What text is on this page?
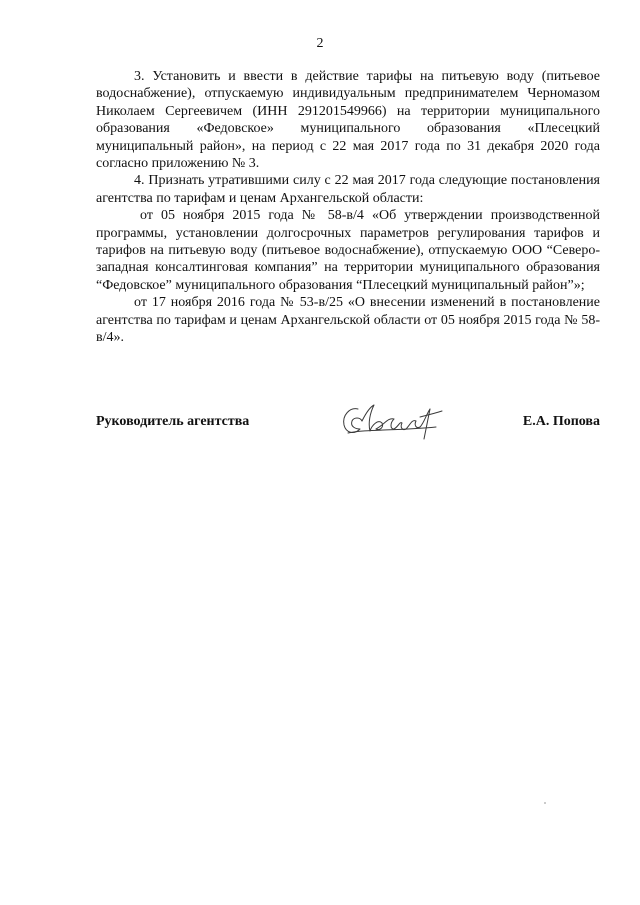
2

3. Установить и ввести в действие тарифы на питьевую воду (питьевое водоснабжение), отпускаемую индивидуальным предпринимателем Черномазом Николаем Сергеевичем (ИНН 291201549966) на территории муниципального образования «Федовское» муниципального образования «Плесецкий муниципальный район», на период с 22 мая 2017 года по 31 декабря 2020 года согласно приложению № 3.

4. Признать утратившими силу с 22 мая 2017 года следующие постановления агентства по тарифам и ценам Архангельской области:

от 05 ноября 2015 года № 58-в/4 «Об утверждении производственной программы, установлении долгосрочных параметров регулирования тарифов и тарифов на питьевую воду (питьевое водоснабжение), отпускаемую ООО “Северо-западная консалтинговая компания” на территории муниципального образования “Федовское” муниципального образования “Плесецкий муниципальный район”»;

от 17 ноября 2016 года № 53-в/25 «О внесении изменений в постановление агентства по тарифам и ценам Архангельской области от 05 ноября 2015 года № 58-в/4».

Руководитель агентства	Е.А. Попова
